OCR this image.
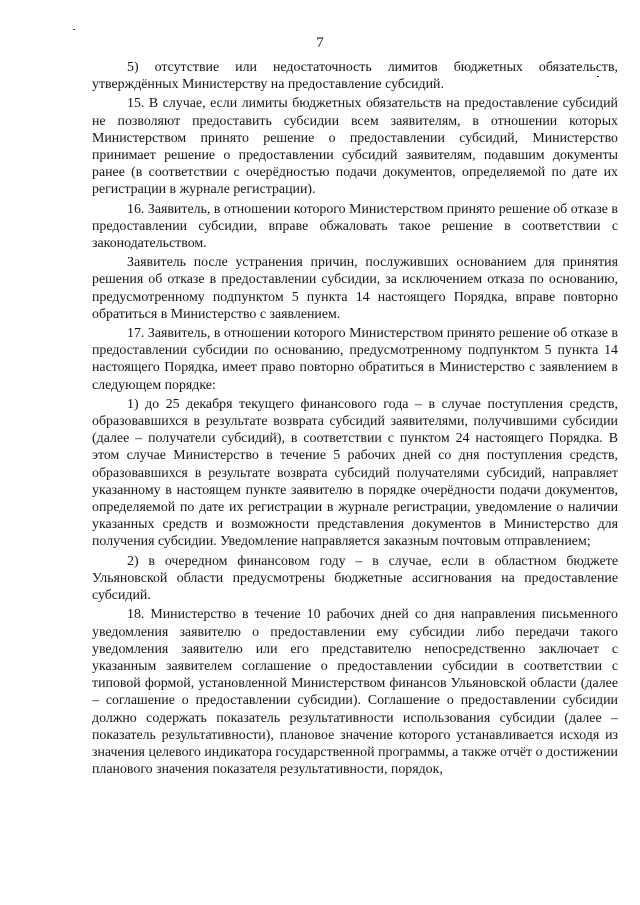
7

5) отсутствие или недостаточность лимитов бюджетных обязательств, утверждённых Министерству на предоставление субсидий.

15. В случае, если лимиты бюджетных обязательств на предоставление субсидий не позволяют предоставить субсидии всем заявителям, в отношении которых Министерством принято решение о предоставлении субсидий, Министерство принимает решение о предоставлении субсидий заявителям, подавшим документы ранее (в соответствии с очерёдностью подачи документов, определяемой по дате их регистрации в журнале регистрации).

16. Заявитель, в отношении которого Министерством принято решение об отказе в предоставлении субсидии, вправе обжаловать такое решение в соответствии с законодательством.

Заявитель после устранения причин, послуживших основанием для принятия решения об отказе в предоставлении субсидии, за исключением отказа по основанию, предусмотренному подпунктом 5 пункта 14 настоящего Порядка, вправе повторно обратиться в Министерство с заявлением.

17. Заявитель, в отношении которого Министерством принято решение об отказе в предоставлении субсидии по основанию, предусмотренному подпунктом 5 пункта 14 настоящего Порядка, имеет право повторно обратиться в Министерство с заявлением в следующем порядке:

1) до 25 декабря текущего финансового года – в случае поступления средств, образовавшихся в результате возврата субсидий заявителями, получившими субсидии (далее – получатели субсидий), в соответствии с пунктом 24 настоящего Порядка. В этом случае Министерство в течение 5 рабочих дней со дня поступления средств, образовавшихся в результате возврата субсидий получателями субсидий, направляет указанному в настоящем пункте заявителю в порядке очерёдности подачи документов, определяемой по дате их регистрации в журнале регистрации, уведомление о наличии указанных средств и возможности представления документов в Министерство для получения субсидии. Уведомление направляется заказным почтовым отправлением;

2) в очередном финансовом году – в случае, если в областном бюджете Ульяновской области предусмотрены бюджетные ассигнования на предоставление субсидий.

18. Министерство в течение 10 рабочих дней со дня направления письменного уведомления заявителю о предоставлении ему субсидии либо передачи такого уведомления заявителю или его представителю непосредственно заключает с указанным заявителем соглашение о предоставлении субсидии в соответствии с типовой формой, установленной Министерством финансов Ульяновской области (далее – соглашение о предоставлении субсидии). Соглашение о предоставлении субсидии должно содержать показатель результативности использования субсидии (далее – показатель результативности), плановое значение которого устанавливается исходя из значения целевого индикатора государственной программы, а также отчёт о достижении планового значения показателя результативности, порядок,
